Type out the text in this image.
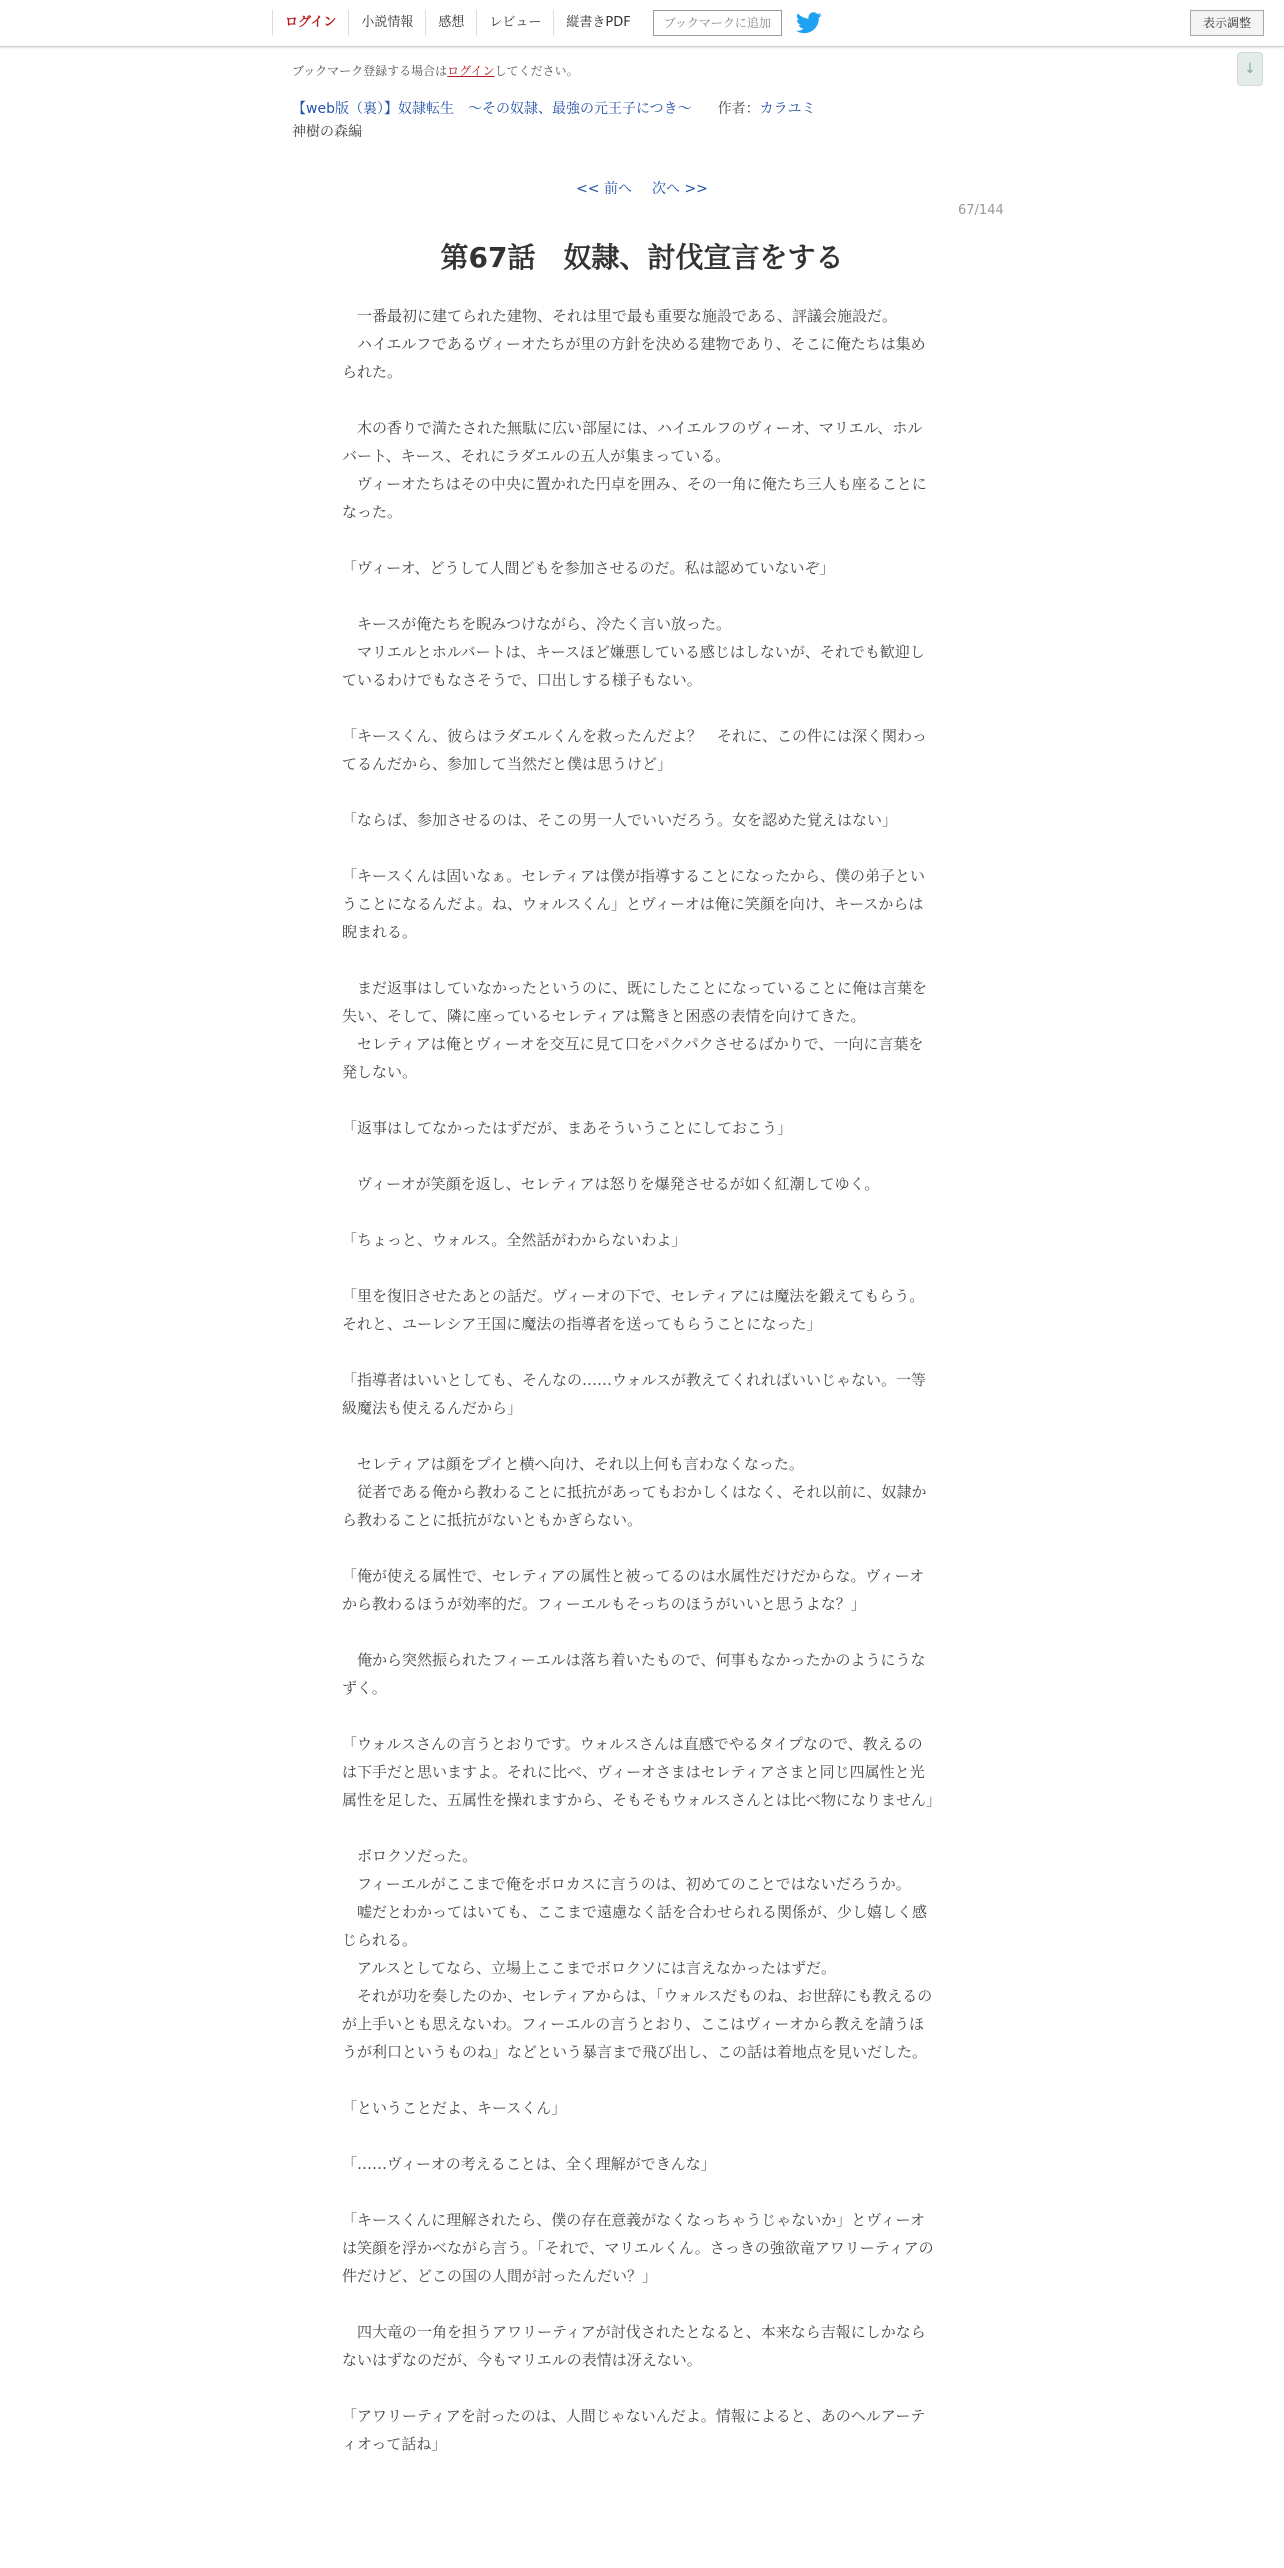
ログイン	小説情報	感想	レビュー	縦書きPDF	ブックマークに追加	表示調整
↓
ブックマーク登録する場合はログインしてください。
【web版（裏）】奴隷転生　～その奴隷、最強の元王子につき～ 作者：カラユミ
神樹の森編
<< 前へ 次へ >>
67/144
第67話　奴隷、討伐宣言をする

　一番最初に建てられた建物、それは里で最も重要な施設である、評議会施設だ。

　ハイエルフであるヴィーオたちが里の方針を決める建物であり、そこに俺たちは集められた。

　木の香りで満たされた無駄に広い部屋には、ハイエルフのヴィーオ、マリエル、ホルバート、キース、それにラダエルの五人が集まっている。

　ヴィーオたちはその中央に置かれた円卓を囲み、その一角に俺たち三人も座ることになった。

「ヴィーオ、どうして人間どもを参加させるのだ。私は認めていないぞ」

　キースが俺たちを睨みつけながら、冷たく言い放った。

　マリエルとホルバートは、キースほど嫌悪している感じはしないが、それでも歓迎しているわけでもなさそうで、口出しする様子もない。

「キースくん、彼らはラダエルくんを救ったんだよ？　それに、この件には深く関わってるんだから、参加して当然だと僕は思うけど」

「ならば、参加させるのは、そこの男一人でいいだろう。女を認めた覚えはない」

「キースくんは固いなぁ。セレティアは僕が指導することになったから、僕の弟子ということになるんだよ。ね、ウォルスくん」とヴィーオは俺に笑顔を向け、キースからは睨まれる。

　まだ返事はしていなかったというのに、既にしたことになっていることに俺は言葉を失い、そして、隣に座っているセレティアは驚きと困惑の表情を向けてきた。

　セレティアは俺とヴィーオを交互に見て口をパクパクさせるばかりで、一向に言葉を発しない。

「返事はしてなかったはずだが、まあそういうことにしておこう」

　ヴィーオが笑顔を返し、セレティアは怒りを爆発させるが如く紅潮してゆく。

「ちょっと、ウォルス。全然話がわからないわよ」

「里を復旧させたあとの話だ。ヴィーオの下で、セレティアには魔法を鍛えてもらう。それと、ユーレシア王国に魔法の指導者を送ってもらうことになった」

「指導者はいいとしても、そんなの……ウォルスが教えてくれればいいじゃない。一等級魔法も使えるんだから」

　セレティアは顔をプイと横へ向け、それ以上何も言わなくなった。

　従者である俺から教わることに抵抗があってもおかしくはなく、それ以前に、奴隷から教わることに抵抗がないともかぎらない。

「俺が使える属性で、セレティアの属性と被ってるのは水属性だけだからな。ヴィーオから教わるほうが効率的だ。フィーエルもそっちのほうがいいと思うよな？」

　俺から突然振られたフィーエルは落ち着いたもので、何事もなかったかのようにうなずく。

「ウォルスさんの言うとおりです。ウォルスさんは直感でやるタイプなので、教えるのは下手だと思いますよ。それに比べ、ヴィーオさまはセレティアさまと同じ四属性と光属性を足した、五属性を操れますから、そもそもウォルスさんとは比べ物になりません」

　ボロクソだった。

　フィーエルがここまで俺をボロカスに言うのは、初めてのことではないだろうか。

　嘘だとわかってはいても、ここまで遠慮なく話を合わせられる関係が、少し嬉しく感じられる。

　アルスとしてなら、立場上ここまでボロクソには言えなかったはずだ。

　それが功を奏したのか、セレティアからは、「ウォルスだものね、お世辞にも教えるのが上手いとも思えないわ。フィーエルの言うとおり、ここはヴィーオから教えを請うほうが利口というものね」などという暴言まで飛び出し、この話は着地点を見いだした。

「ということだよ、キースくん」

「……ヴィーオの考えることは、全く理解ができんな」

「キースくんに理解されたら、僕の存在意義がなくなっちゃうじゃないか」とヴィーオは笑顔を浮かべながら言う。「それで、マリエルくん。さっきの強欲竜アワリーティアの件だけど、どこの国の人間が討ったんだい？」

　四大竜の一角を担うアワリーティアが討伐されたとなると、本来なら吉報にしかならないはずなのだが、今もマリエルの表情は冴えない。

「アワリーティアを討ったのは、人間じゃないんだよ。情報によると、あのヘルアーティオって話ね」
